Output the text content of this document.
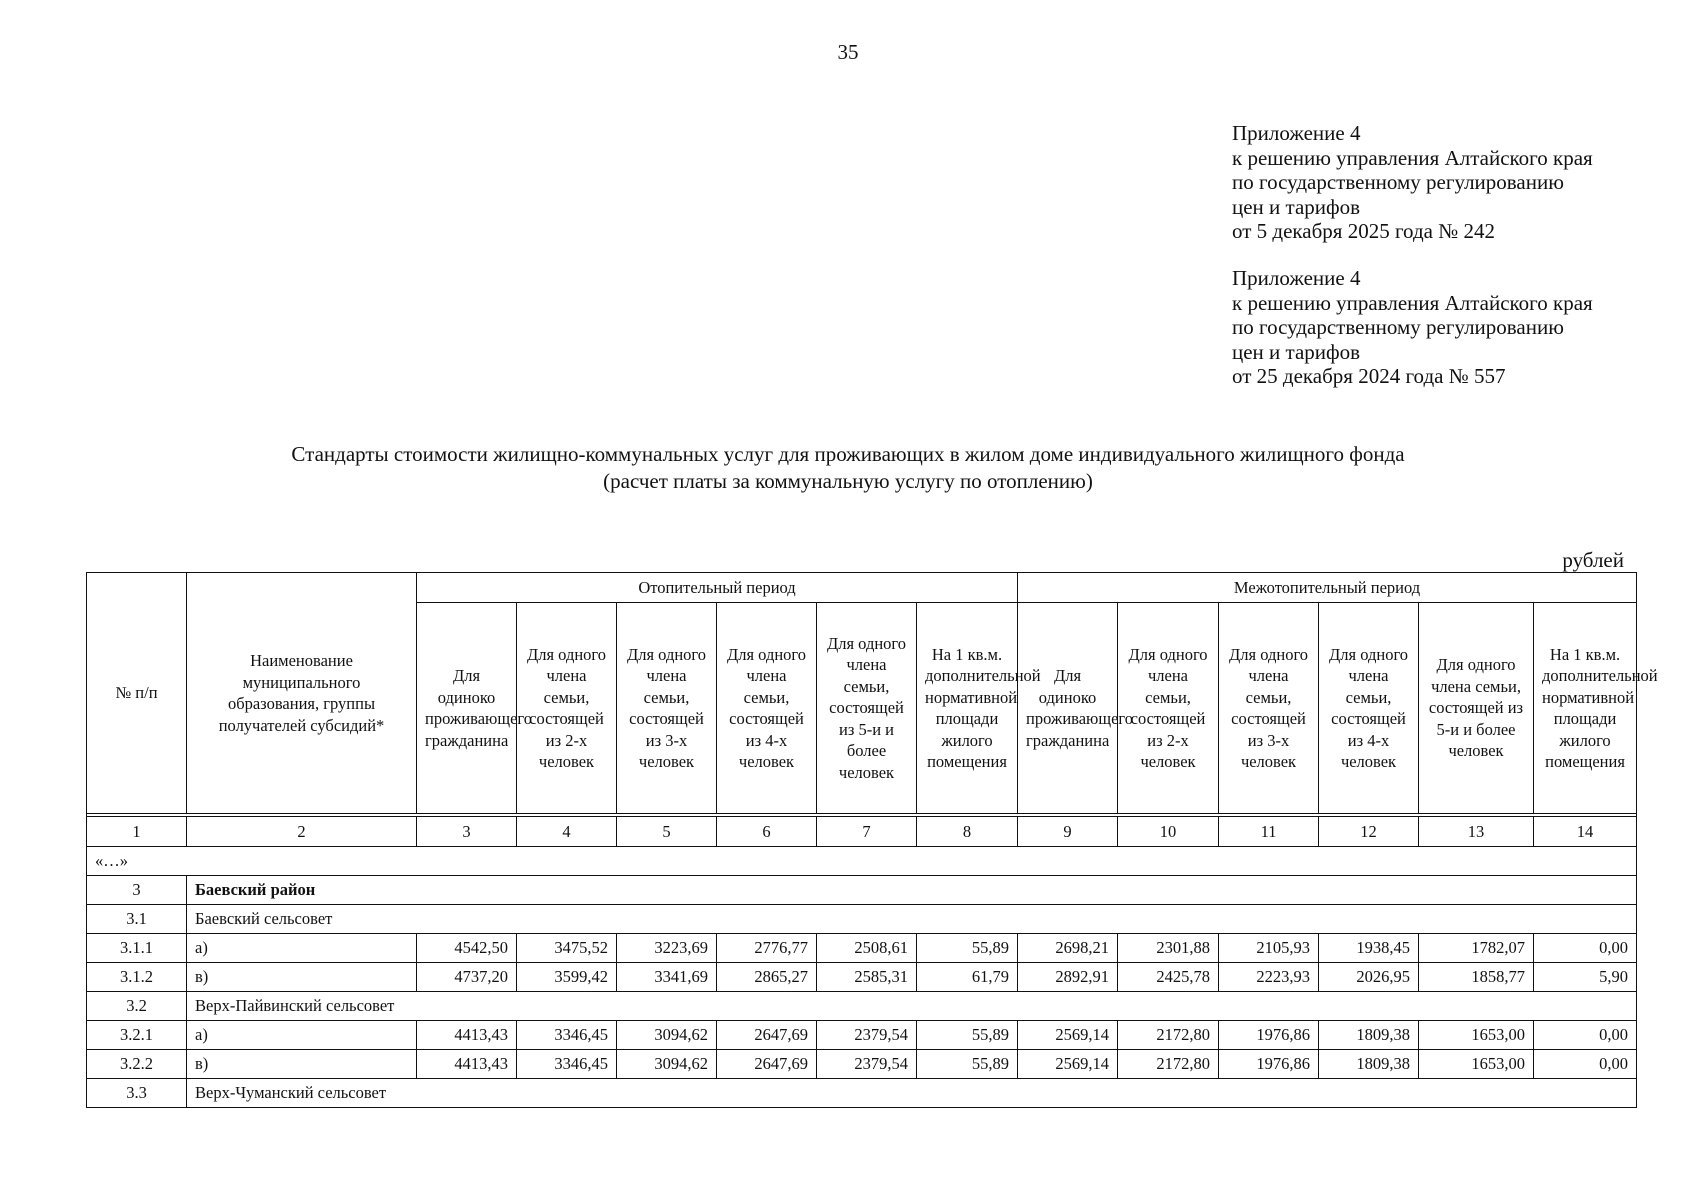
35
Приложение 4
к решению управления Алтайского края
по государственному регулированию
цен и тарифов
от 5 декабря 2025 года № 242
Приложение 4
к решению управления Алтайского края
по государственному регулированию
цен и тарифов
от 25 декабря 2024 года № 557
Стандарты стоимости жилищно-коммунальных услуг для проживающих в жилом доме индивидуального жилищного фонда
(расчет платы за коммунальную услугу по отоплению)
рублей
№ п/п	Наименование муниципального образования, группы получателей субсидий*	Отопительный период						Межотопительный период					
		Для одиноко проживающего гражданина	Для одного члена семьи, состоящей из 2-х человек	Для одного члена семьи, состоящей из 3-х человек	Для одного члена семьи, состоящей из 4-х человек	Для одного члена семьи, состоящей из 5-и и более человек	На 1 кв.м. дополнительной нормативной площади жилого помещения	Для одиноко проживающего гражданина	Для одного члена семьи, состоящей из 2-х человек	Для одного члена семьи, состоящей из 3-х человек	Для одного члена семьи, состоящей из 4-х человек	Для одного члена семьи, состоящей из 5-и и более человек	На 1 кв.м. дополнительной нормативной площади жилого помещения

1	2	3	4	5	6	7	8	9	10	11	12	13	14
«…»													
3	Баевский район												
3.1	Баевский сельсовет												
3.1.1	а)	4542,50	3475,52	3223,69	2776,77	2508,61	55,89	2698,21	2301,88	2105,93	1938,45	1782,07	0,00
3.1.2	в)	4737,20	3599,42	3341,69	2865,27	2585,31	61,79	2892,91	2425,78	2223,93	2026,95	1858,77	5,90
3.2	Верх-Пайвинский сельсовет												
3.2.1	а)	4413,43	3346,45	3094,62	2647,69	2379,54	55,89	2569,14	2172,80	1976,86	1809,38	1653,00	0,00
3.2.2	в)	4413,43	3346,45	3094,62	2647,69	2379,54	55,89	2569,14	2172,80	1976,86	1809,38	1653,00	0,00
3.3	Верх-Чуманский сельсовет												
